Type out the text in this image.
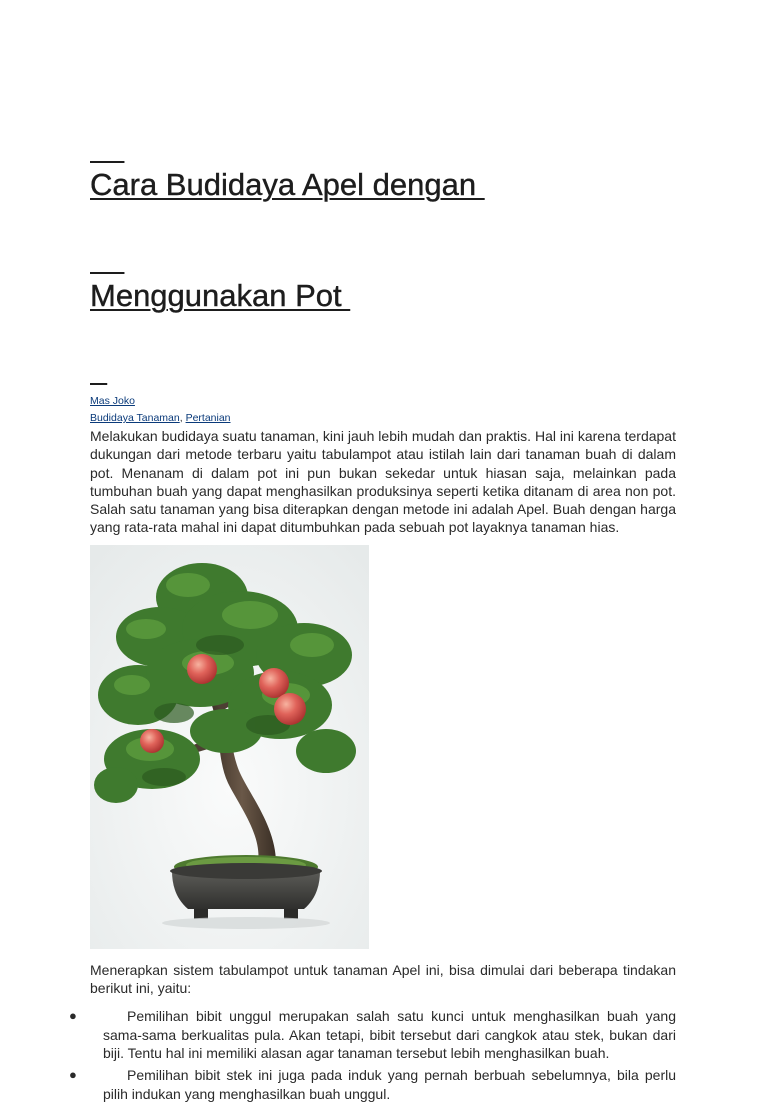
Cara Budidaya Apel dengan

Menggunakan Pot

Mas Joko
Budidaya Tanaman, Pertanian

Melakukan budidaya suatu tanaman, kini jauh lebih mudah dan praktis. Hal ini karena terdapat dukungan dari metode terbaru yaitu tabulampot atau istilah lain dari tanaman buah di dalam pot. Menanam di dalam pot ini pun bukan sekedar untuk hiasan saja, melainkan pada tumbuhan buah yang dapat menghasilkan produksinya seperti ketika ditanam di area non pot. Salah satu tanaman yang bisa diterapkan dengan metode ini adalah Apel. Buah dengan harga yang rata-rata mahal ini dapat ditumbuhkan pada sebuah pot layaknya tanaman hias.

Menerapkan sistem tabulampot untuk tanaman Apel ini, bisa dimulai dari beberapa tindakan berikut ini, yaitu:

●	Pemilihan bibit unggul merupakan salah satu kunci untuk menghasilkan buah yang sama-sama berkualitas pula. Akan tetapi, bibit tersebut dari cangkok atau stek, bukan dari biji. Tentu hal ini memiliki alasan agar tanaman tersebut lebih menghasilkan buah.
●	Pemilihan bibit stek ini juga pada induk yang pernah berbuah sebelumnya, bila perlu pilih indukan yang menghasilkan buah unggul.
